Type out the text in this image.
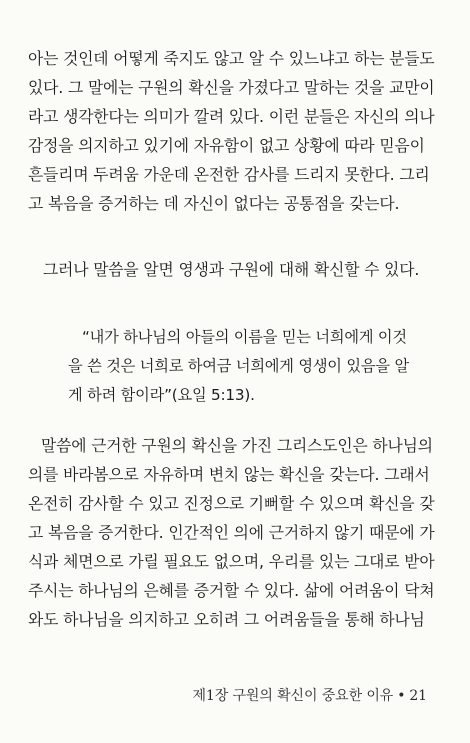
아는 것인데 어떻게 죽지도 않고 알 수 있느냐고 하는 분들도
있다. 그 말에는 구원의 확신을 가졌다고 말하는 것을 교만이
라고 생각한다는 의미가 깔려 있다. 이런 분들은 자신의 의나
감정을 의지하고 있기에 자유함이 없고 상황에 따라 믿음이
흔들리며 두려움 가운데 온전한 감사를 드리지 못한다. 그리
고 복음을 증거하는 데 자신이 없다는 공통점을 갖는다.
그러나 말씀을 알면 영생과 구원에 대해 확신할 수 있다.
“내가 하나님의 아들의 이름을 믿는 너희에게 이것
을 쓴 것은 너희로 하여금 너희에게 영생이 있음을 알
게 하려 함이라”(요일 5:13).
말씀에 근거한 구원의 확신을 가진 그리스도인은 하나님의
의를 바라봄으로 자유하며 변치 않는 확신을 갖는다. 그래서
온전히 감사할 수 있고 진정으로 기뻐할 수 있으며 확신을 갖
고 복음을 증거한다. 인간적인 의에 근거하지 않기 때문에 가
식과 체면으로 가릴 필요도 없으며, 우리를 있는 그대로 받아
주시는 하나님의 은혜를 증거할 수 있다. 삶에 어려움이 닥쳐
와도 하나님을 의지하고 오히려 그 어려움들을 통해 하나님
제1장 구원의 확신이 중요한 이유 • 21
